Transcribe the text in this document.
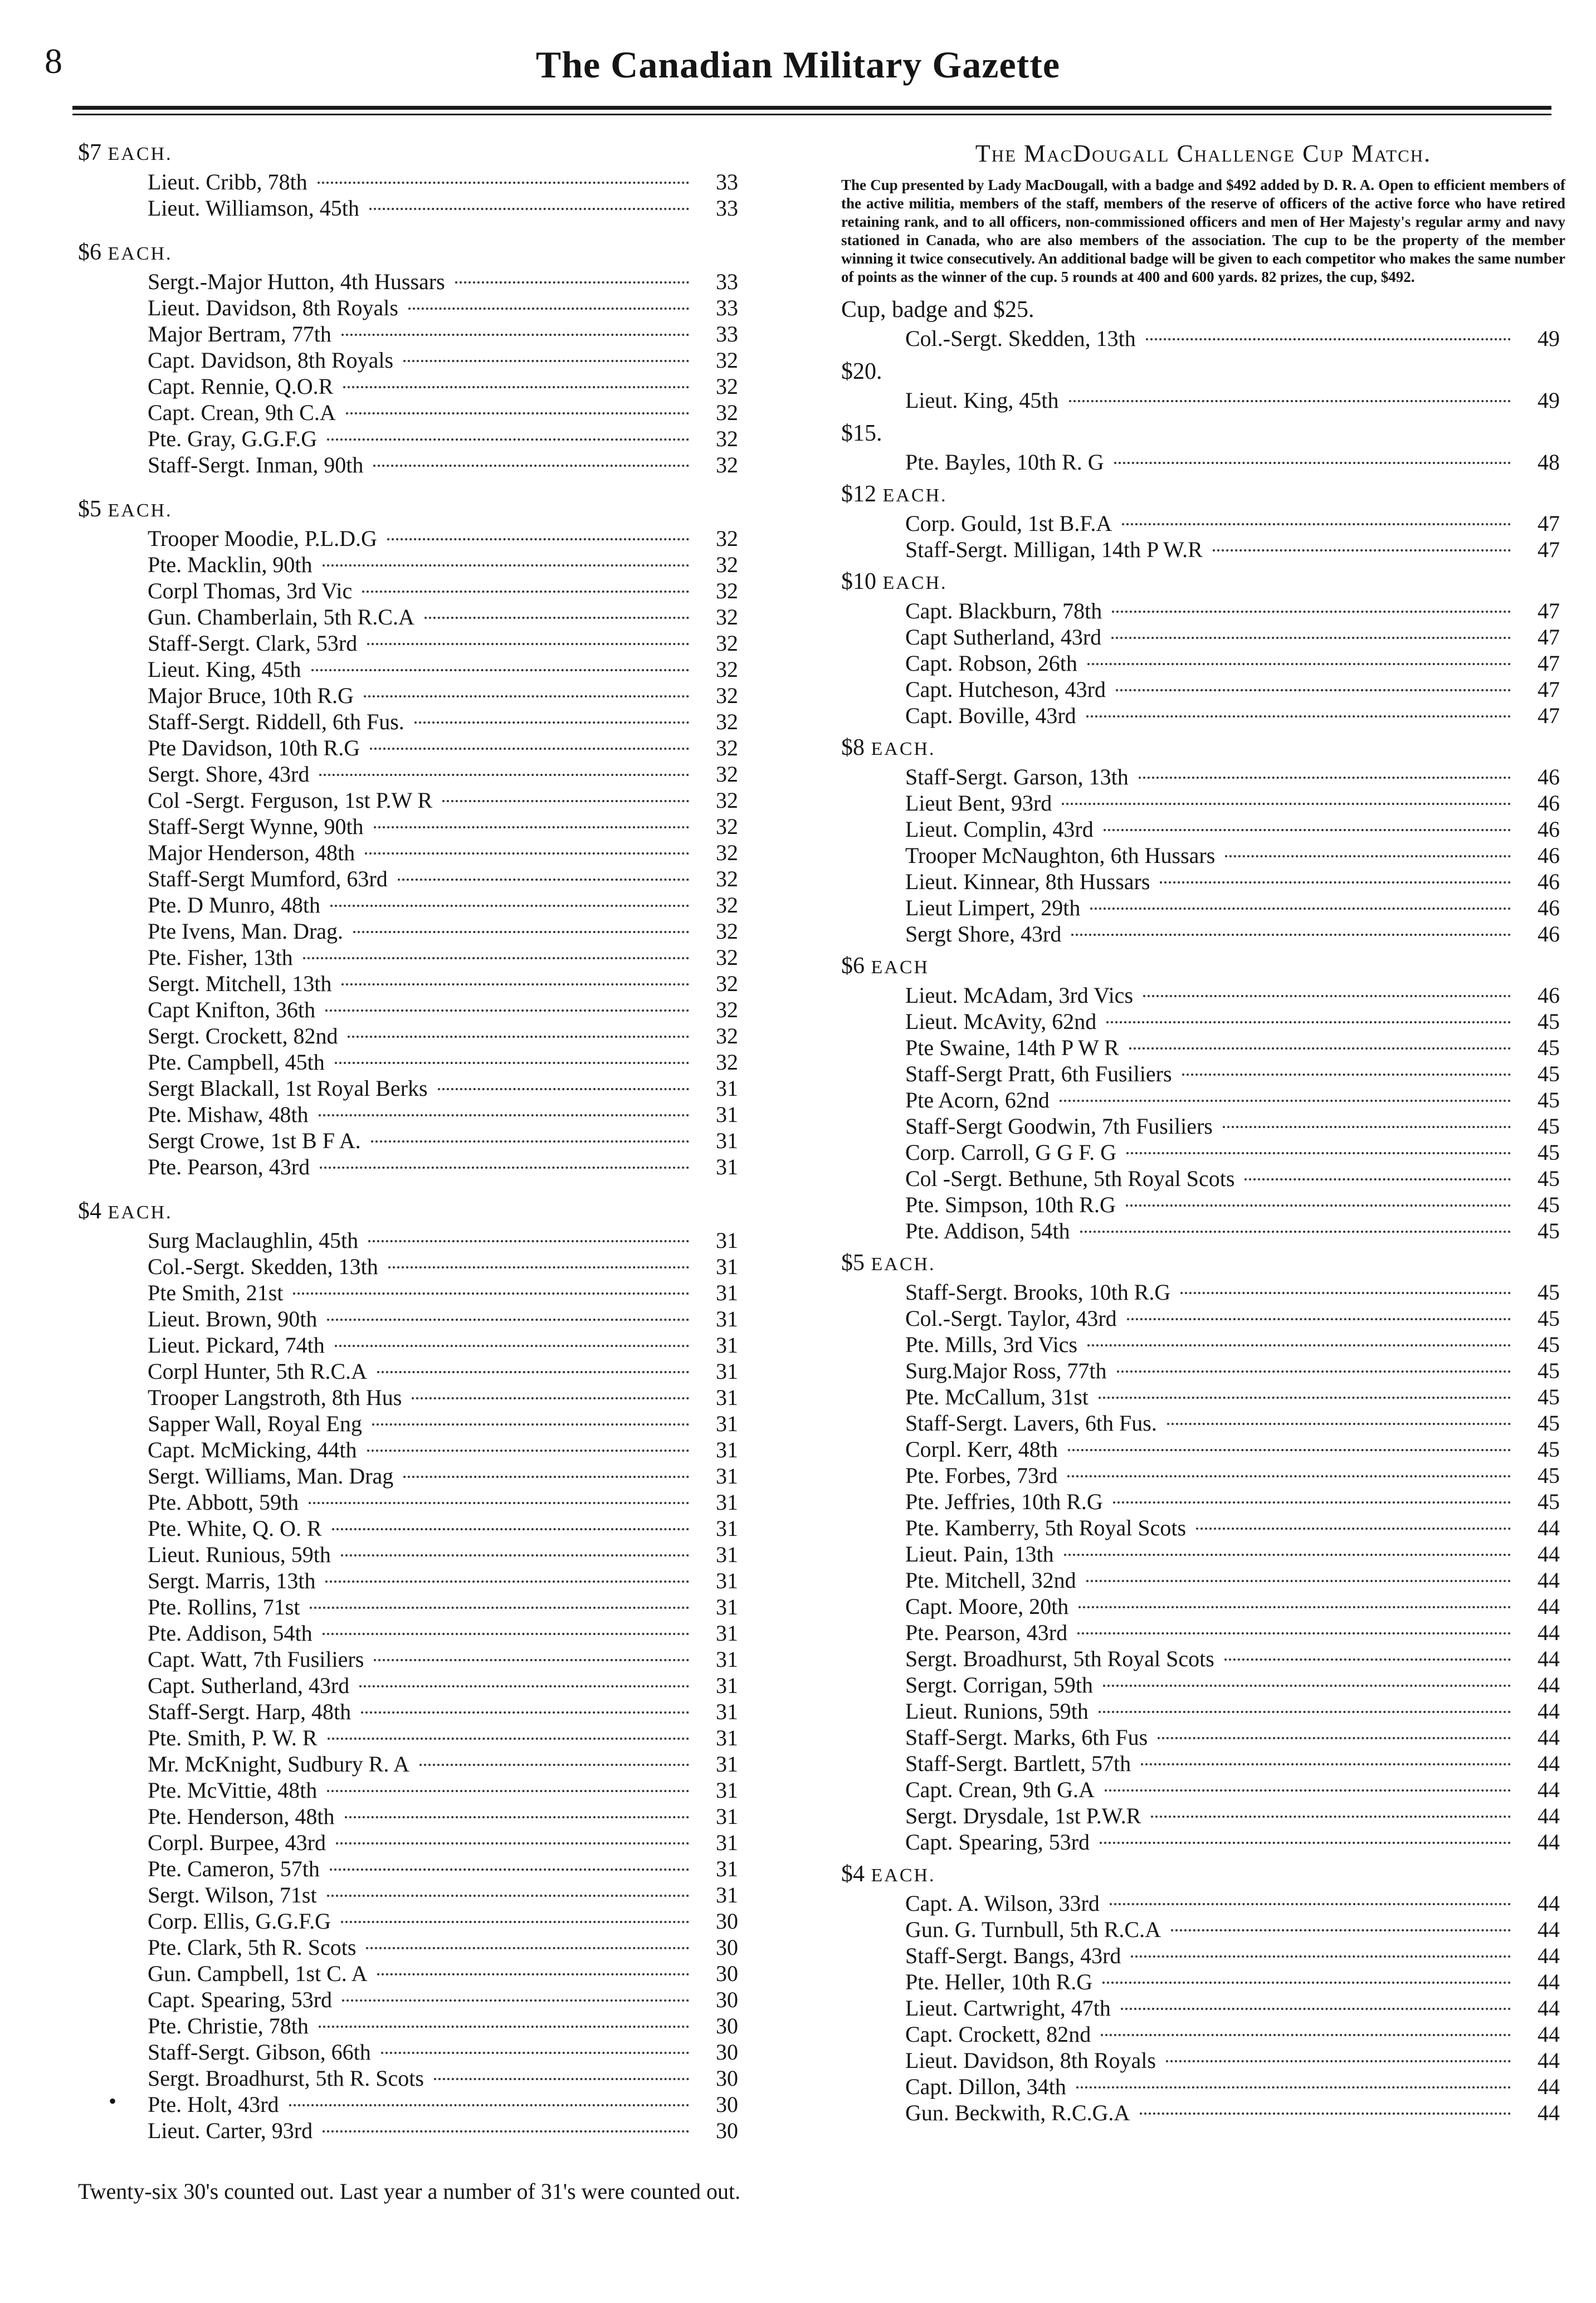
8	The Canadian Military Gazette
$7 EACH.
Lieut. Cribb, 78th	33
Lieut. Williamson, 45th	33
$6 EACH.
Sergt.-Major Hutton, 4th Hussars	33
Lieut. Davidson, 8th Royals	33
Major Bertram, 77th	33
Capt. Davidson, 8th Royals	32
Capt. Rennie, Q.O.R	32
Capt. Crean, 9th C.A	32
Pte. Gray, G.G.F.G	32
Staff-Sergt. Inman, 90th	32
$5 EACH.
Trooper Moodie, P.L.D.G	32
Pte. Macklin, 90th	32
Corpl Thomas, 3rd Vic	32
Gun. Chamberlain, 5th R.C.A	32
Staff-Sergt. Clark, 53rd	32
Lieut. King, 45th	32
Major Bruce, 10th R.G	32
Staff-Sergt. Riddell, 6th Fus.	32
Pte Davidson, 10th R.G	32
Sergt. Shore, 43rd	32
Col -Sergt. Ferguson, 1st P.W R	32
Staff-Sergt Wynne, 90th	32
Major Henderson, 48th	32
Staff-Sergt Mumford, 63rd	32
Pte. D Munro, 48th	32
Pte Ivens, Man. Drag.	32
Pte. Fisher, 13th	32
Sergt. Mitchell, 13th	32
Capt Knifton, 36th	32
Sergt. Crockett, 82nd	32
Pte. Campbell, 45th	32
Sergt Blackall, 1st Royal Berks	31
Pte. Mishaw, 48th	31
Sergt Crowe, 1st B F A.	31
Pte. Pearson, 43rd	31
$4 EACH.
Surg Maclaughlin, 45th	31
Col.-Sergt. Skedden, 13th	31
Pte Smith, 21st	31
Lieut. Brown, 90th	31
Lieut. Pickard, 74th	31
Corpl Hunter, 5th R.C.A	31
Trooper Langstroth, 8th Hus	31
Sapper Wall, Royal Eng	31
Capt. McMicking, 44th	31
Sergt. Williams, Man. Drag	31
Pte. Abbott, 59th	31
Pte. White, Q. O. R	31
Lieut. Runious, 59th	31
Sergt. Marris, 13th	31
Pte. Rollins, 71st	31
Pte. Addison, 54th	31
Capt. Watt, 7th Fusiliers	31
Capt. Sutherland, 43rd	31
Staff-Sergt. Harp, 48th	31
Pte. Smith, P. W. R	31
Mr. McKnight, Sudbury R. A	31
Pte. McVittie, 48th	31
Pte. Henderson, 48th	31
Corpl. Burpee, 43rd	31
Pte. Cameron, 57th	31
Sergt. Wilson, 71st	31
Corp. Ellis, G.G.F.G	30
Pte. Clark, 5th R. Scots	30
Gun. Campbell, 1st C. A	30
Capt. Spearing, 53rd	30
Pte. Christie, 78th	30
Staff-Sergt. Gibson, 66th	30
Sergt. Broadhurst, 5th R. Scots	30
Pte. Holt, 43rd	30
Lieut. Carter, 93rd	30
•
Twenty-six 30's counted out. Last year a number of 31's were counted out.
The MacDougall Challenge Cup Match.

The Cup presented by Lady MacDougall, with a badge and $492 added by D. R. A. Open to efficient members of the active militia, members of the staff, members of the reserve of officers of the active force who have retired retaining rank, and to all officers, non-commissioned officers and men of Her Majesty's regular army and navy stationed in Canada, who are also members of the association. The cup to be the property of the member winning it twice consecutively. An additional badge will be given to each competitor who makes the same number of points as the winner of the cup. 5 rounds at 400 and 600 yards. 82 prizes, the cup, $492.

Cup, badge and $25.
Col.-Sergt. Skedden, 13th	49
$20.
Lieut. King, 45th	49
$15.
Pte. Bayles, 10th R. G	48
$12 EACH.
Corp. Gould, 1st B.F.A	47
Staff-Sergt. Milligan, 14th P W.R	47
$10 EACH.
Capt. Blackburn, 78th	47
Capt Sutherland, 43rd	47
Capt. Robson, 26th	47
Capt. Hutcheson, 43rd	47
Capt. Boville, 43rd	47
$8 EACH.
Staff-Sergt. Garson, 13th	46
Lieut Bent, 93rd	46
Lieut. Complin, 43rd	46
Trooper McNaughton, 6th Hussars	46
Lieut. Kinnear, 8th Hussars	46
Lieut Limpert, 29th	46
Sergt Shore, 43rd	46
$6 EACH
Lieut. McAdam, 3rd Vics	46
Lieut. McAvity, 62nd	45
Pte Swaine, 14th P W R	45
Staff-Sergt Pratt, 6th Fusiliers	45
Pte Acorn, 62nd	45
Staff-Sergt Goodwin, 7th Fusiliers	45
Corp. Carroll, G G F. G	45
Col -Sergt. Bethune, 5th Royal Scots	45
Pte. Simpson, 10th R.G	45
Pte. Addison, 54th	45
$5 EACH.
Staff-Sergt. Brooks, 10th R.G	45
Col.-Sergt. Taylor, 43rd	45
Pte. Mills, 3rd Vics	45
Surg.Major Ross, 77th	45
Pte. McCallum, 31st	45
Staff-Sergt. Lavers, 6th Fus.	45
Corpl. Kerr, 48th	45
Pte. Forbes, 73rd	45
Pte. Jeffries, 10th R.G	45
Pte. Kamberry, 5th Royal Scots	44
Lieut. Pain, 13th	44
Pte. Mitchell, 32nd	44
Capt. Moore, 20th	44
Pte. Pearson, 43rd	44
Sergt. Broadhurst, 5th Royal Scots	44
Sergt. Corrigan, 59th	44
Lieut. Runions, 59th	44
Staff-Sergt. Marks, 6th Fus	44
Staff-Sergt. Bartlett, 57th	44
Capt. Crean, 9th G.A	44
Sergt. Drysdale, 1st P.W.R	44
Capt. Spearing, 53rd	44
$4 EACH.
Capt. A. Wilson, 33rd	44
Gun. G. Turnbull, 5th R.C.A	44
Staff-Sergt. Bangs, 43rd	44
Pte. Heller, 10th R.G	44
Lieut. Cartwright, 47th	44
Capt. Crockett, 82nd	44
Lieut. Davidson, 8th Royals	44
Capt. Dillon, 34th	44
Gun. Beckwith, R.C.G.A	44
